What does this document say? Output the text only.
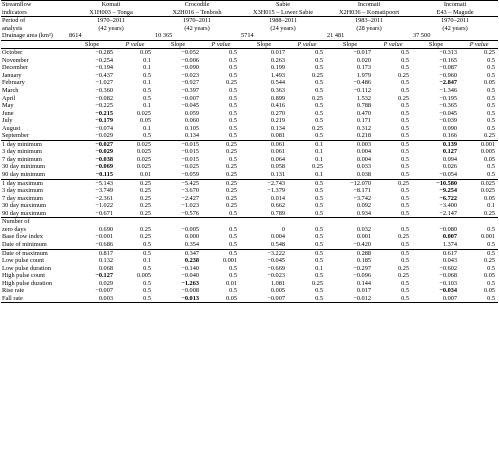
Streamflow	Komati		Crocodile		Sabie		Incomati		Incomati	
indicators	X1H003 – Tonga		X2H016 – Tenbosh		X3H015 – Lower Sabie		X2H036 – Komatipoort		E43 – Magude	
Period of	1970–2011		1970–2011		1988–2011		1983–2011		1970–2011	
analysis	(42 years)		(42 years)		(24 years)		(28 years)		(42 years)	
Drainage area (km²)	8614		10 365		5714		21 481		37 500	
	Slope	P value	Slope	P value	Slope	P value	Slope	P value	Slope	P value
October	−0.285	0.05	−0.052	0.5	0.017	0.5	−0.017	0.5	−0.313	0.25
November	−0.254	0.1	−0.006	0.5	0.263	0.5	0.020	0.5	−0.165	0.5
December	−0.194	0.1	−0.090	0.5	0.199	0.5	0.173	0.5	−0.087	0.5
January	−0.437	0.5	−0.023	0.5	1.493	0.25	1.979	0.25	−0.960	0.5
February	−1.027	0.1	−0.927	0.25	0.544	0.5	−0.486	0.5	−2.847	0.05
March	−0.360	0.5	−0.397	0.5	0.363	0.5	−0.112	0.5	−1.346	0.5
April	−0.082	0.5	−0.007	0.5	0.899	0.25	1.532	0.25	−0.195	0.5
May	−0.225	0.1	−0.045	0.5	0.416	0.5	0.788	0.5	−0.365	0.5
June	−0.215	0.025	0.059	0.5	0.270	0.5	0.470	0.5	−0.045	0.5
July	−0.179	0.05	0.060	0.5	0.219	0.5	0.171	0.5	−0.039	0.5
August	−0.074	0.1	0.105	0.5	0.134	0.25	0.312	0.5	0.090	0.5
September	−0.029	0.5	0.134	0.5	0.081	0.5	0.218	0.5	0.166	0.25
1 day minimum	−0.027	0.025	−0.015	0.25	0.061	0.1	0.003	0.5	0.139	0.001
3 day minimum	−0.029	0.025	−0.015	0.25	0.061	0.1	0.004	0.5	0.127	0.005
7 day minimum	−0.038	0.025	−0.015	0.5	0.064	0.1	0.004	0.5	0.094	0.05
30 day minimum	−0.069	0.025	−0.025	0.25	0.058	0.25	0.033	0.5	0.026	0.5
90 day minimum	−0.115	0.01	−0.059	0.25	0.131	0.1	0.038	0.5	−0.054	0.5
1 day maximum	−5.143	0.25	−5.425	0.25	−2.743	0.5	−12.070	0.25	−10.580	0.025
3 day maximum	−3.749	0.25	−3.670	0.25	−1.379	0.5	−8.171	0.5	−9.254	0.025
7 day maximum	−2.361	0.25	−2.427	0.25	0.014	0.5	−3.742	0.5	−6.722	0.05
30 day maximum	−1.022	0.25	−1.023	0.25	0.662	0.5	0.092	0.5	−3.400	0.1
90 day maximum	−0.671	0.25	−0.576	0.5	0.789	0.5	0.934	0.5	−2.147	0.25
Number of										
zero days	0.690	0.25	−0.005	0.5	0	0.5	0.032	0.5	−0.080	0.5
Base flow index	−0.001	0.25	0.000	0.5	0.004	0.5	0.001	0.25	0.007	0.001
Date of minimum	−0.686	0.5	0.354	0.5	0.548	0.5	−0.420	0.5	1.374	0.5
Date of maximum	0.817	0.5	0.347	0.5	−3.222	0.5	0.288	0.5	0.617	0.5
Low pulse count	0.132	0.1	0.238	0.001	−0.045	0.5	0.185	0.5	0.043	0.25
Low pulse duration	0.068	0.5	−0.140	0.5	−0.669	0.1	−0.297	0.25	−0.602	0.5
High pulse count	−0.127	0.005	−0.040	0.5	−0.023	0.5	−0.096	0.25	−0.068	0.05
High pulse duration	0.029	0.5	−1.263	0.01	1.081	0.25	0.144	0.5	−0.103	0.5
Rise rate	−0.007	0.5	−0.008	0.5	0.005	0.5	0.017	0.5	−0.034	0.05
Fall rate	0.003	0.5	−0.013	0.05	−0.007	0.5	−0.012	0.5	0.007	0.5
